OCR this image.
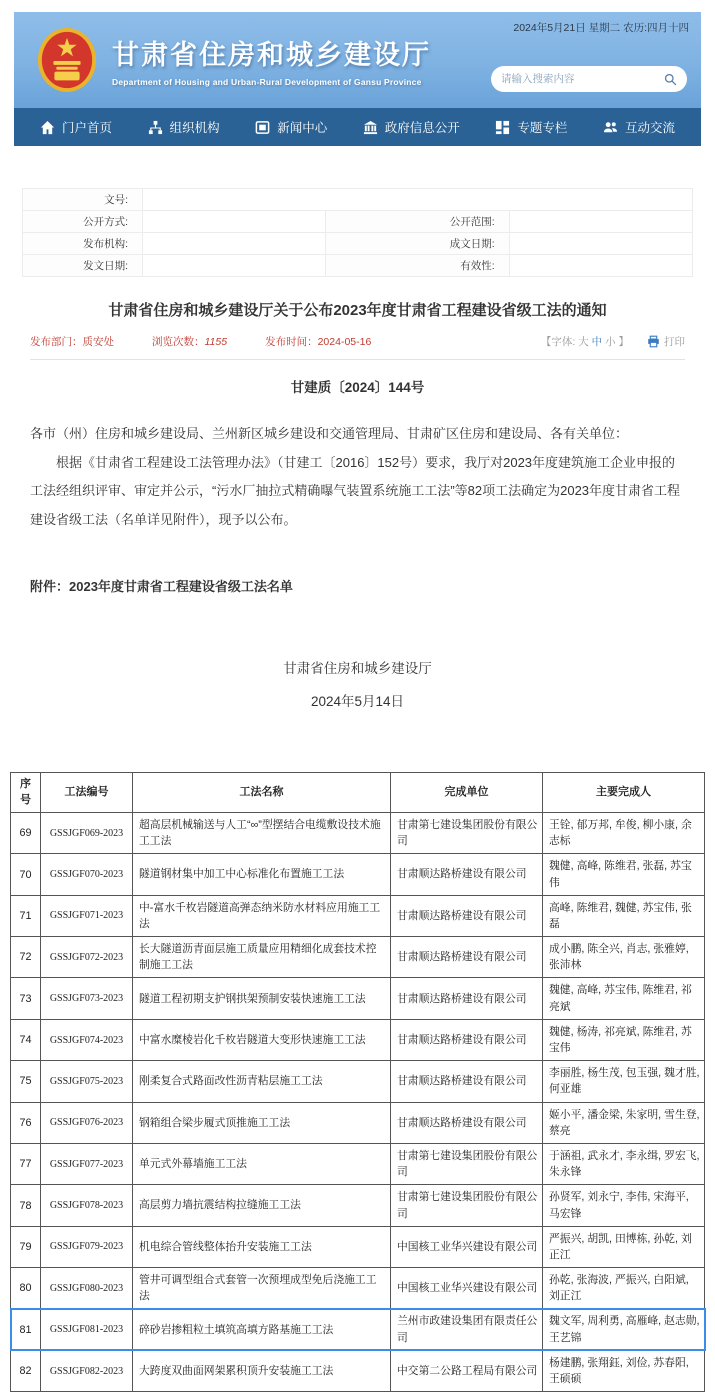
2024年5月21日 星期二 农历:四月十四
甘肃省住房和城乡建设厅
Department of Housing and Urban-Rural Development of Gansu Province
请输入搜索内容
门户首页	组织机构	新闻中心	政府信息公开	专题专栏	互动交流
文号:			
公开方式:		公开范围:	
发布机构:		成文日期:	
发文日期:		有效性:	
甘肃省住房和城乡建设厅关于公布2023年度甘肃省工程建设省级工法的通知
发布部门：质安处	浏览次数：1155	发布时间：2024-05-16	【字体: 大 中 小 】	打印
甘建质〔2024〕144号

各市（州）住房和城乡建设局、兰州新区城乡建设和交通管理局、甘肃矿区住房和建设局、各有关单位：

根据《甘肃省工程建设工法管理办法》（甘建工〔2016〕152号）要求，我厅对2023年度建筑施工企业申报的工法经组织评审、审定并公示，“污水厂抽拉式精确曝气装置系统施工工法”等82项工法确定为2023年度甘肃省工程建设省级工法（名单详见附件），现予以公布。

附件：2023年度甘肃省工程建设省级工法名单
甘肃省住房和城乡建设厅
2024年5月14日
序号	工法编号	工法名称	完成单位	主要完成人
69	GSSJGF069-2023	超高层机械输送与人工“∞”型摆结合电缆敷设技术施工工法	甘肃第七建设集团股份有限公司	王铨, 郁万邦, 牟俊, 柳小康, 余志标
70	GSSJGF070-2023	隧道钢材集中加工中心标准化布置施工工法	甘肃顺达路桥建设有限公司	魏健, 高峰, 陈维君, 张磊, 苏宝伟
71	GSSJGF071-2023	中-富水千枚岩隧道高弹态纳米防水材料应用施工工法	甘肃顺达路桥建设有限公司	高峰, 陈维君, 魏健, 苏宝伟, 张磊
72	GSSJGF072-2023	长大隧道沥青面层施工质量应用精细化成套技术控制施工工法	甘肃顺达路桥建设有限公司	成小鹏, 陈全兴, 肖志, 张雅婷, 张沛林
73	GSSJGF073-2023	隧道工程初期支护钢拱架预制安装快速施工工法	甘肃顺达路桥建设有限公司	魏健, 高峰, 苏宝伟, 陈维君, 祁亮斌
74	GSSJGF074-2023	中富水糜棱岩化千枚岩隧道大变形快速施工工法	甘肃顺达路桥建设有限公司	魏健, 杨涛, 祁亮斌, 陈维君, 苏宝伟
75	GSSJGF075-2023	刚柔复合式路面改性沥青粘层施工工法	甘肃顺达路桥建设有限公司	李丽胜, 杨生茂, 包玉强, 魏才胜, 何亚雄
76	GSSJGF076-2023	钢箱组合梁步履式顶推施工工法	甘肃顺达路桥建设有限公司	姬小平, 潘金梁, 朱家明, 雪生登, 蔡亮
77	GSSJGF077-2023	单元式外幕墙施工工法	甘肃第七建设集团股份有限公司	于涵祖, 武永才, 李永缉, 罗宏飞, 朱永锋
78	GSSJGF078-2023	高层剪力墙抗震结构拉缝施工工法	甘肃第七建设集团股份有限公司	孙贤军, 刘永宁, 李伟, 宋海平, 马宏锋
79	GSSJGF079-2023	机电综合管线整体抬升安装施工工法	中国核工业华兴建设有限公司	严振兴, 胡凯, 田博栋, 孙乾, 刘正江
80	GSSJGF080-2023	管井可调型组合式套管一次预埋成型免后浇施工工法	中国核工业华兴建设有限公司	孙乾, 张海波, 严振兴, 白阳斌, 刘正江
81	GSSJGF081-2023	碎砂岩掺粗粒土填筑高填方路基施工工法	兰州市政建设集团有限责任公司	魏文军, 周利勇, 高雁峰, 赵志勋, 王艺锦
82	GSSJGF082-2023	大跨度双曲面网架累积顶升安装施工工法	中交第二公路工程局有限公司	杨建鹏, 张翔鈺, 刘俭, 苏春阳, 王硕硕
